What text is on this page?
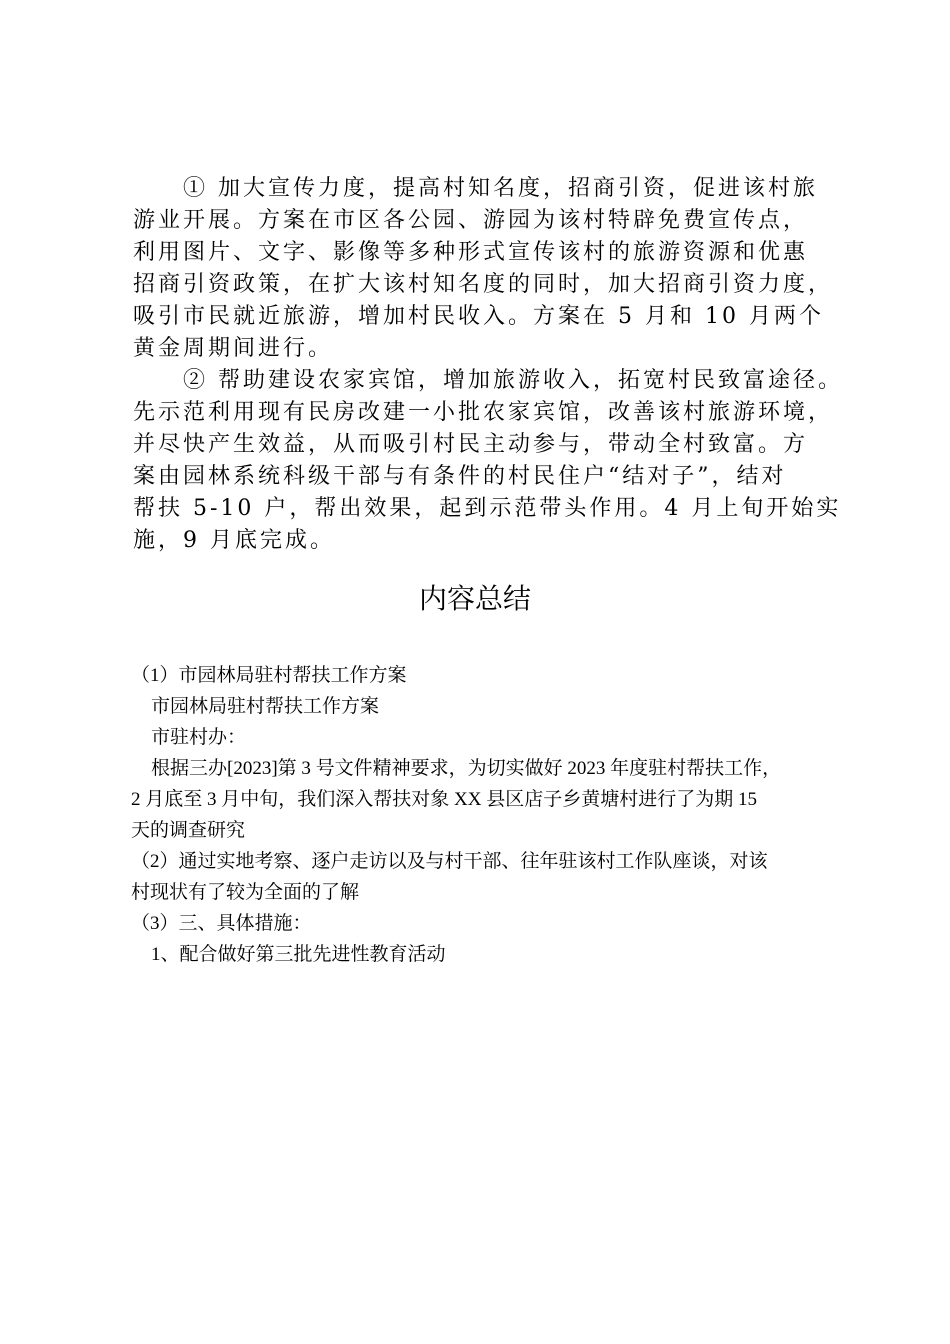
① 加大宣传力度，提高村知名度，招商引资，促进该村旅
游业开展。方案在市区各公园、游园为该村特辟免费宣传点，
利用图片、文字、影像等多种形式宣传该村的旅游资源和优惠
招商引资政策，在扩大该村知名度的同时，加大招商引资力度，
吸引市民就近旅游，增加村民收入。方案在 5 月和 10 月两个
黄金周期间进行。
② 帮助建设农家宾馆，增加旅游收入，拓宽村民致富途径。
先示范利用现有民房改建一小批农家宾馆，改善该村旅游环境，
并尽快产生效益，从而吸引村民主动参与，带动全村致富。方
案由园林系统科级干部与有条件的村民住户“结对子”，结对
帮扶 5-10 户，帮出效果，起到示范带头作用。4 月上旬开始实
施，9 月底完成。
内容总结
（1）市园林局驻村帮扶工作方案
市园林局驻村帮扶工作方案
市驻村办：
根据三办[2023]第 3 号文件精神要求，为切实做好 2023 年度驻村帮扶工作，
2 月底至 3 月中旬，我们深入帮扶对象 XX 县区店子乡黄塘村进行了为期 15
天的调查研究
（2）通过实地考察、逐户走访以及与村干部、往年驻该村工作队座谈，对该
村现状有了较为全面的了解
（3）三、具体措施：
1、配合做好第三批先进性教育活动
